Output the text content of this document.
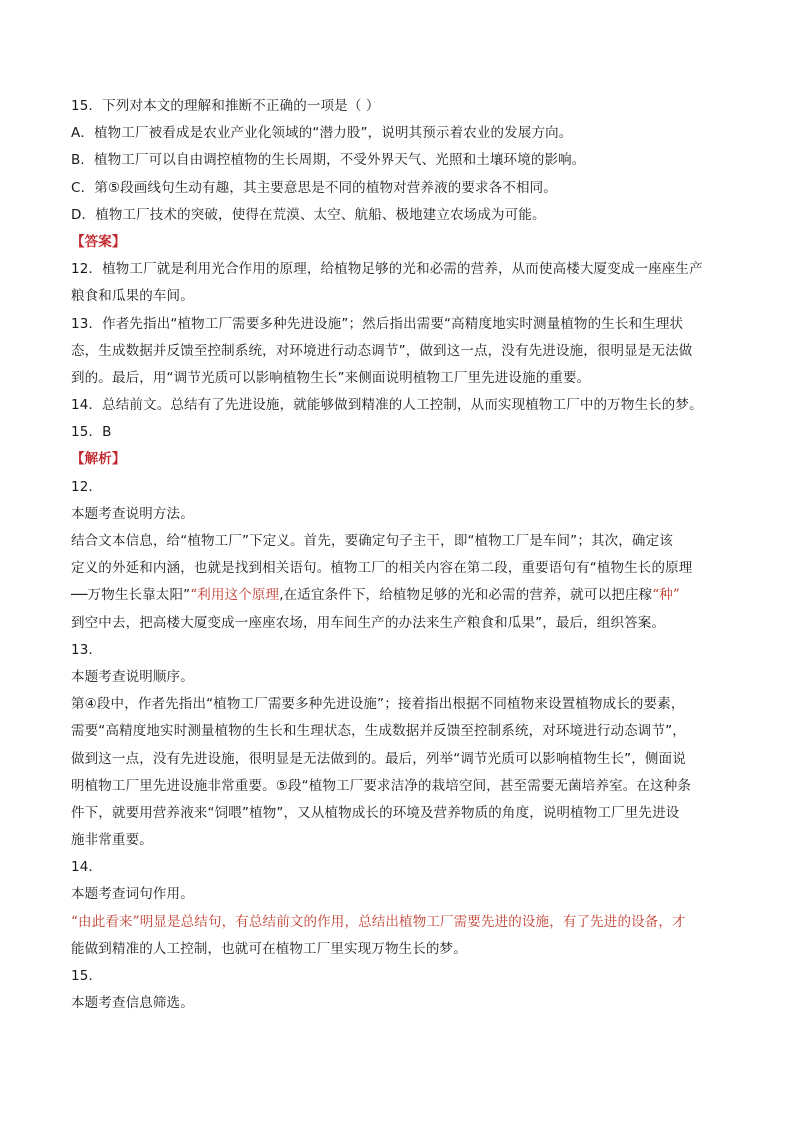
15．下列对本文的理解和推断不正确的一项是（ ）
A．植物工厂被看成是农业产业化领域的“潜力股”，说明其预示着农业的发展方向。
B．植物工厂可以自由调控植物的生长周期，不受外界天气、光照和土壤环境的影响。
C．第⑤段画线句生动有趣，其主要意思是不同的植物对营养液的要求各不相同。
D．植物工厂技术的突破，使得在荒漠、太空、航船、极地建立农场成为可能。
【答案】
12．植物工厂就是利用光合作用的原理，给植物足够的光和必需的营养，从而使高楼大厦变成一座座生产
粮食和瓜果的车间。
13．作者先指出“植物工厂需要多种先进设施”；然后指出需要“高精度地实时测量植物的生长和生理状
态，生成数据并反馈至控制系统，对环境进行动态调节”，做到这一点，没有先进设施，很明显是无法做
到的。最后，用“调节光质可以影响植物生长”来侧面说明植物工厂里先进设施的重要。
14．总结前文。总结有了先进设施，就能够做到精准的人工控制，从而实现植物工厂中的万物生长的梦。
15．B
【解析】
12．
本题考查说明方法。
结合文本信息，给“植物工厂”下定义。首先，要确定句子主干，即“植物工厂是车间”；其次，确定该
定义的外延和内涵，也就是找到相关语句。植物工厂的相关内容在第二段，重要语句有“植物生长的原理
──万物生长靠太阳”“利用这个原理,在适宜条件下，给植物足够的光和必需的营养，就可以把庄稼“种”
到空中去，把高楼大厦变成一座座农场，用车间生产的办法来生产粮食和瓜果”，最后，组织答案。
13．
本题考查说明顺序。
第④段中，作者先指出“植物工厂需要多种先进设施”；接着指出根据不同植物来设置植物成长的要素，
需要“高精度地实时测量植物的生长和生理状态，生成数据并反馈至控制系统，对环境进行动态调节”，
做到这一点，没有先进设施，很明显是无法做到的。最后，列举“调节光质可以影响植物生长”，侧面说
明植物工厂里先进设施非常重要。⑤段“植物工厂要求洁净的栽培空间，甚至需要无菌培养室。在这种条
件下，就要用营养液来“饲喂”植物”，又从植物成长的环境及营养物质的角度，说明植物工厂里先进设
施非常重要。
14．
本题考查词句作用。
“由此看来”明显是总结句，有总结前文的作用，总结出植物工厂需要先进的设施，有了先进的设备，才
能做到精准的人工控制，也就可在植物工厂里实现万物生长的梦。
15．
本题考查信息筛选。
